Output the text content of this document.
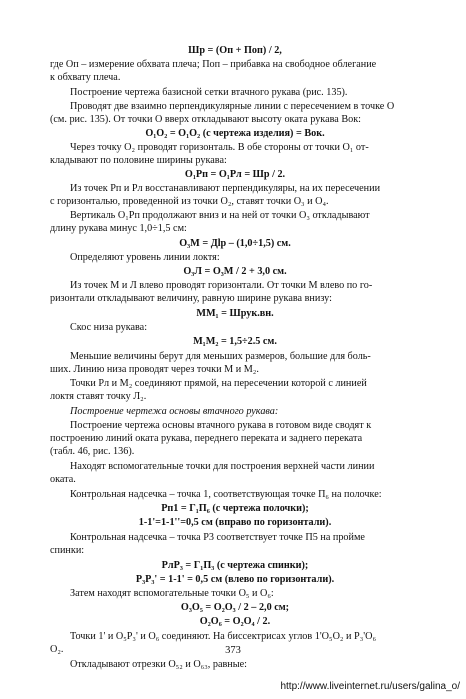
Шр = (Оп + Поп) / 2,
где Оп – измерение обхвата плеча; Поп – прибавка на свободное облегание
к обхвату плеча.
Построение чертежа базисной сетки втачного рукава (рис. 135).
Проводят две взаимно перпендикулярные линии с пересечением в точке О
(см. рис. 135). От точки О вверх откладывают высоту оката рукава Вок:
О₁О₂ = О₁О₂ (с чертежа изделия) = Вок.
Через точку О₂ проводят горизонталь. В обе стороны от точки О₁ от-
кладывают по половине ширины рукава:
О₁Рп = О₁Рл = Шр / 2.
Из точек Рп и Рл восстанавливают перпендикуляры, на их пересечении
с горизонталью, проведенной из точки О₂, ставят точки О₃ и О₄.
Вертикаль О₁Рп продолжают вниз и на ней от точки О₃ откладывают
длину рукава минус 1,0÷1,5 см:
О₃М = Дlр – (1,0÷1,5) см.
Определяют уровень линии локтя:
О₃Л = О₃М / 2 + 3,0 см.
Из точек М и Л влево проводят горизонтали. От точки М влево по го-
ризонтали откладывают величину, равную ширине рукава внизу:
ММ₁ = Шрук.вн.
Скос низа рукава:
М₁М₂ = 1,5÷2.5 см.
Меньшие величины берут для меньших размеров, большие для боль-
ших. Линию низа проводят через точки М и М₂.
Точки Рл и М₂ соединяют прямой, на пересечении которой с линией
локтя ставят точку Л₂.
Построение чертежа основы втачного рукава:
Построение чертежа основы втачного рукава в готовом виде сводят к
построению линий оката рукава, переднего переката и заднего переката
(табл. 46, рис. 136).
Находят вспомогательные точки для построения верхней части линии
оката.
Контрольная надсечка – точка 1, соответствующая точке П₆ на полочке:
Рп1 = Г₁П₆ (с чертежа полочки);
1-1'=1-1''=0,5 см (вправо по горизонтали).
Контрольная надсечка – точка Р3 соответствует точке П5 на пройме
спинки:
РлР₃ = Г₁П₃ (с чертежа спинки);
Р₃Р₃' = 1-1' = 0,5 см (влево по горизонтали).
Затем находят вспомогательные точки О₅ и О₆:
О₃О₅ = О₂О₃ / 2 – 2,0 см;
О₂О₆ = О₂О₄ / 2.
Точки 1' и О₅Р₃' и О₆ соединяют. На биссектрисах углов 1'О₅О₂ и Р₃'О₆
О₂.
Откладывают отрезки О₅₂ и О₆₃, равные:
373
http://www.liveinternet.ru/users/galina_o/
